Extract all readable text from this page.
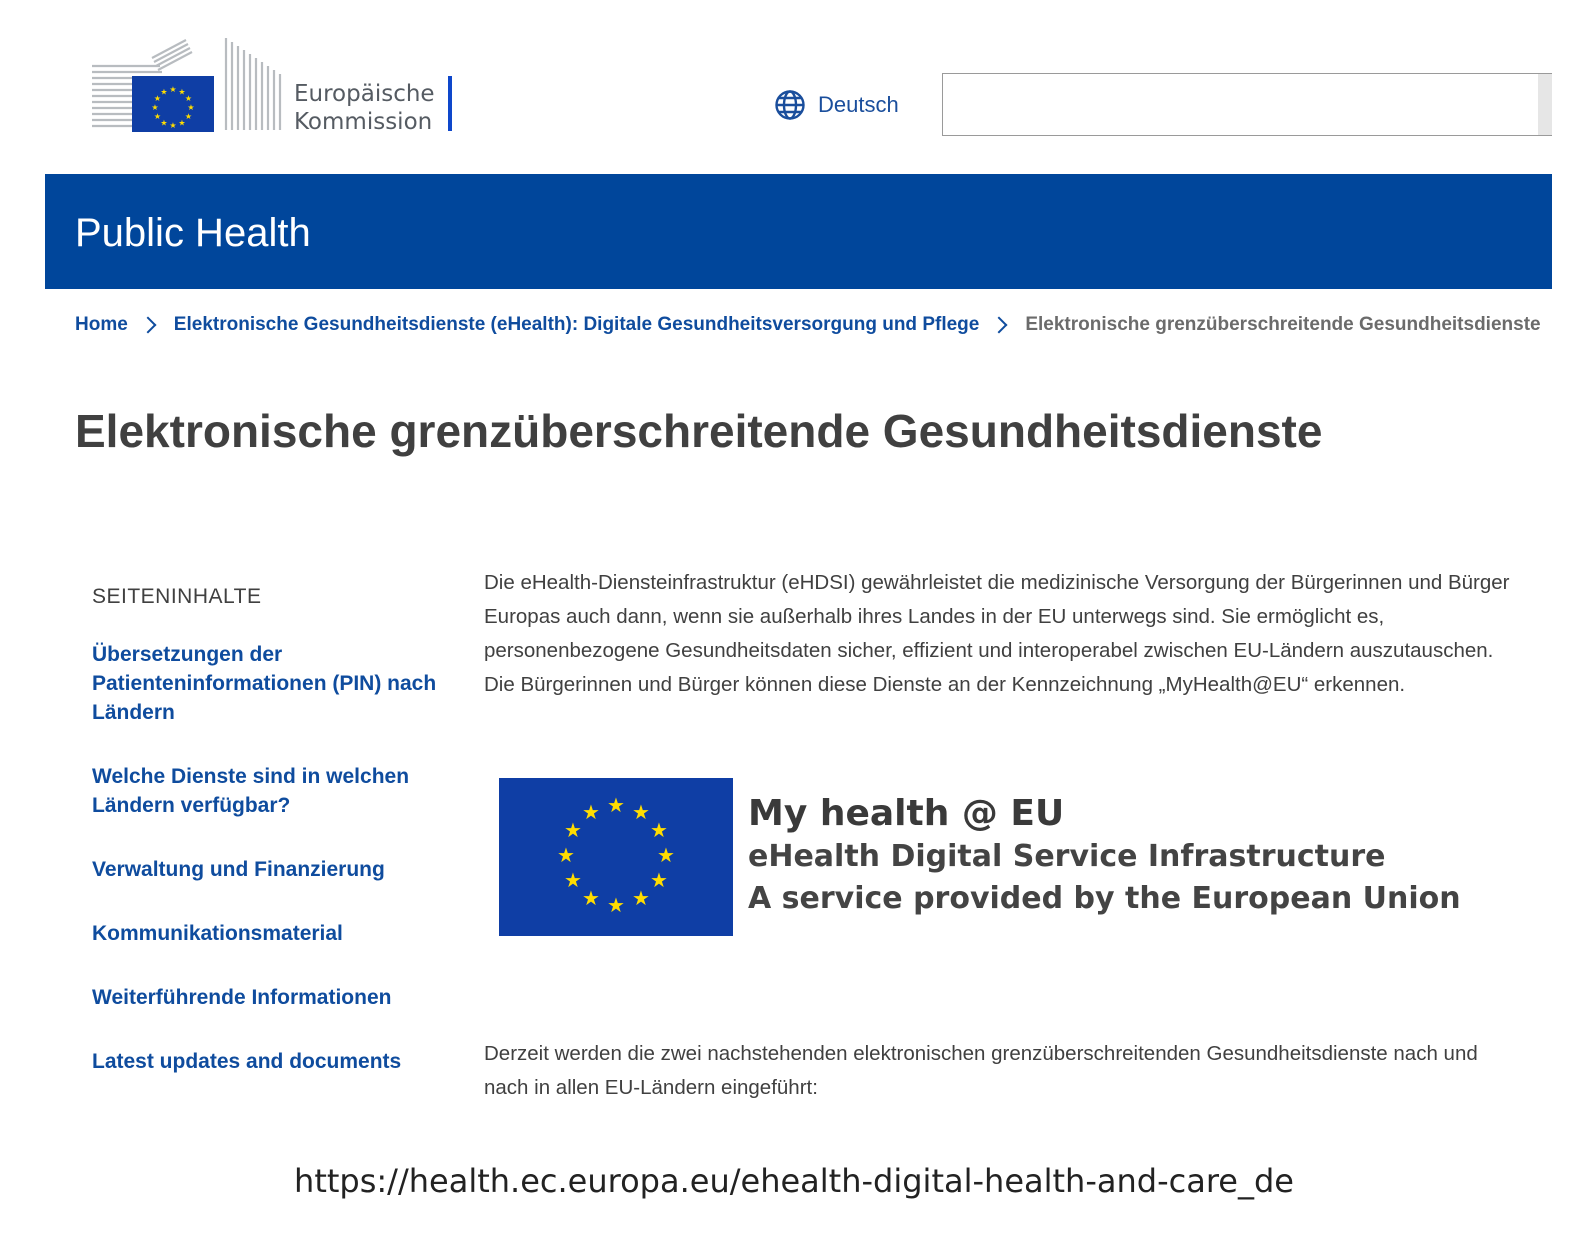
★ ★
★
★
★
★
★
★
★
★
★
★	Europäische
Kommission
Deutsch
Public Health
Home Elektronische Gesundheitsdienste (eHealth): Digitale Gesundheitsversorgung und Pflege Elektronische grenzüberschreitende Gesundheitsdienste
Elektronische grenzüberschreitende Gesundheitsdienste
SEITENINHALTE
Übersetzungen der Patienteninformationen (PIN) nach Ländern
Welche Dienste sind in welchen Ländern verfügbar?
Verwaltung und Finanzierung
Kommunikationsmaterial
Weiterführende Informationen
Latest updates and documents

Die eHealth-Diensteinfrastruktur (eHDSI) gewährleistet die medizinische Versorgung der Bürgerinnen und Bürger Europas auch dann, wenn sie außerhalb ihres Landes in der EU unterwegs sind. Sie ermöglicht es, personenbezogene Gesundheitsdaten sicher, effizient und interoperabel zwischen EU-Ländern auszutauschen. Die Bürgerinnen und Bürger können diese Dienste an der Kennzeichnung „MyHealth@EU“ erkennen.

★ ★
★
★
★
★
★
★
★
★
★
★	My health @ EU
eHealth Digital Service Infrastructure
A service provided by the European Union

Derzeit werden die zwei nachstehenden elektronischen grenzüberschreitenden Gesundheitsdienste nach und nach in allen EU-Ländern eingeführt:

https://health.ec.europa.eu/ehealth-digital-health-and-care_de
